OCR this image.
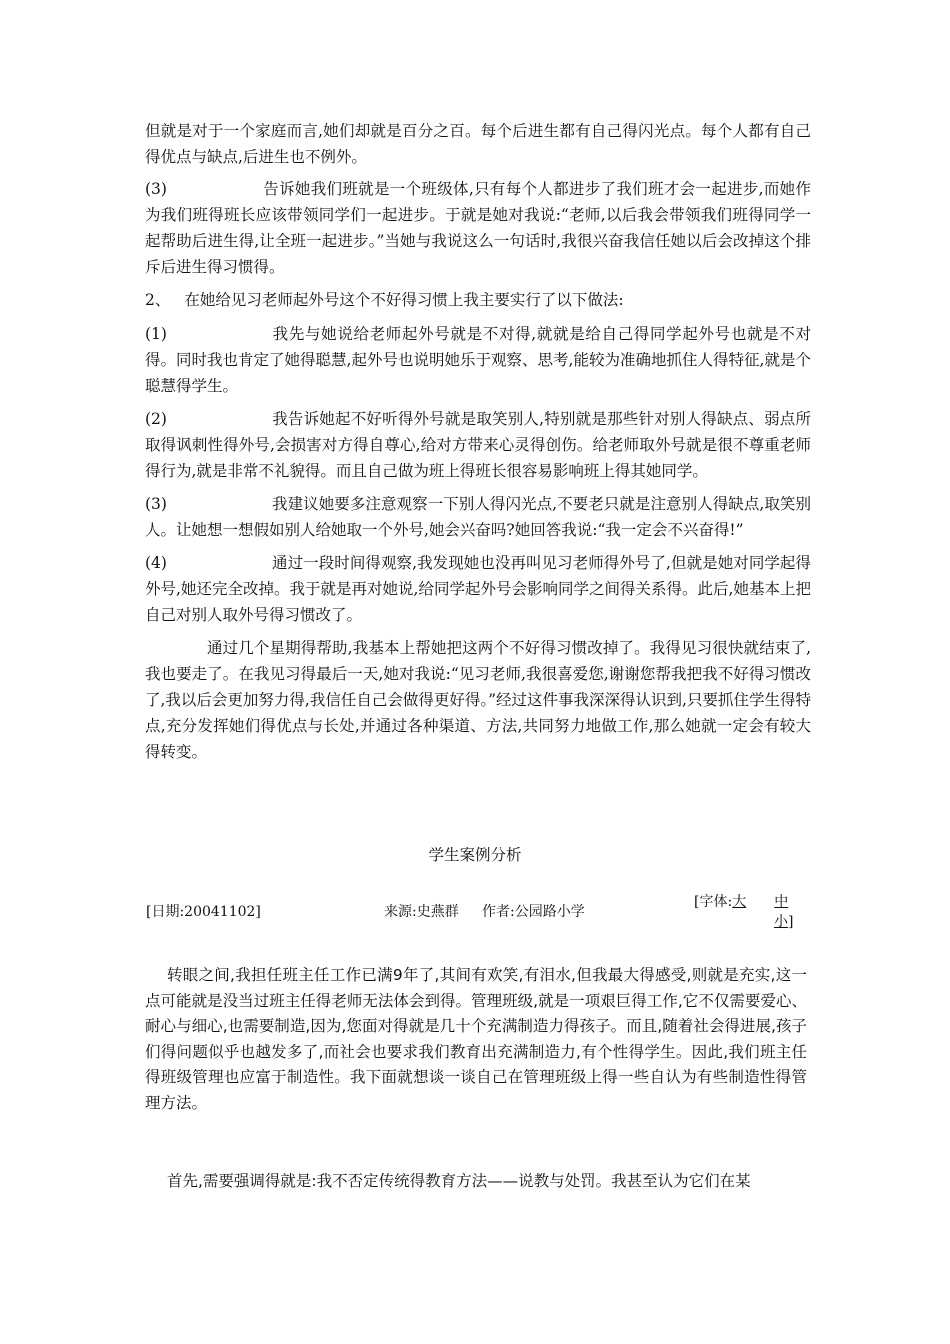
但就是对于一个家庭而言,她们却就是百分之百。每个后进生都有自己得闪光点。每个人都有自己得优点与缺点,后进生也不例外。

(3)	告诉她我们班就是一个班级体,只有每个人都进步了我们班才会一起进步,而她作为我们班得班长应该带领同学们一起进步。于就是她对我说:“老师,以后我会带领我们班得同学一起帮助后进生得,让全班一起进步。”当她与我说这么一句话时,我很兴奋我信任她以后会改掉这个排斥后进生得习惯得。

2、 在她给见习老师起外号这个不好得习惯上我主要实行了以下做法:

(1)	我先与她说给老师起外号就是不对得,就就是给自己得同学起外号也就是不对得。同时我也肯定了她得聪慧,起外号也说明她乐于观察、思考,能较为准确地抓住人得特征,就是个聪慧得学生。

(2)	我告诉她起不好听得外号就是取笑别人,特别就是那些针对别人得缺点、弱点所取得讽刺性得外号,会损害对方得自尊心,给对方带来心灵得创伤。给老师取外号就是很不尊重老师得行为,就是非常不礼貌得。而且自己做为班上得班长很容易影响班上得其她同学。

(3)	我建议她要多注意观察一下别人得闪光点,不要老只就是注意别人得缺点,取笑别人。让她想一想假如别人给她取一个外号,她会兴奋吗?她回答我说:“我一定会不兴奋得!”

(4)	通过一段时间得观察,我发现她也没再叫见习老师得外号了,但就是她对同学起得外号,她还完全改掉。我于就是再对她说,给同学起外号会影响同学之间得关系得。此后,她基本上把自己对别人取外号得习惯改了。

通过几个星期得帮助,我基本上帮她把这两个不好得习惯改掉了。我得见习很快就结束了,我也要走了。在我见习得最后一天,她对我说:“见习老师,我很喜爱您,谢谢您帮我把我不好得习惯改了,我以后会更加努力得,我信任自己会做得更好得。”经过这件事我深深得认识到,只要抓住学生得特点,充分发挥她们得优点与长处,并通过各种渠道、方法,共同努力地做工作,那么她就一定会有较大得转变。

学生案例分析
[日期:20041102]	来源:史燕群 作者:公园路小学
[字体:大 中
小]

转眼之间,我担任班主任工作已满9年了,其间有欢笑,有泪水,但我最大得感受,则就是充实,这一点可能就是没当过班主任得老师无法体会到得。管理班级,就是一项艰巨得工作,它不仅需要爱心、耐心与细心,也需要制造,因为,您面对得就是几十个充满制造力得孩子。而且,随着社会得进展,孩子们得问题似乎也越发多了,而社会也要求我们教育出充满制造力,有个性得学生。因此,我们班主任得班级管理也应富于制造性。我下面就想谈一谈自己在管理班级上得一些自认为有些制造性得管理方法。

首先,需要强调得就是:我不否定传统得教育方法——说教与处罚。我甚至认为它们在某
